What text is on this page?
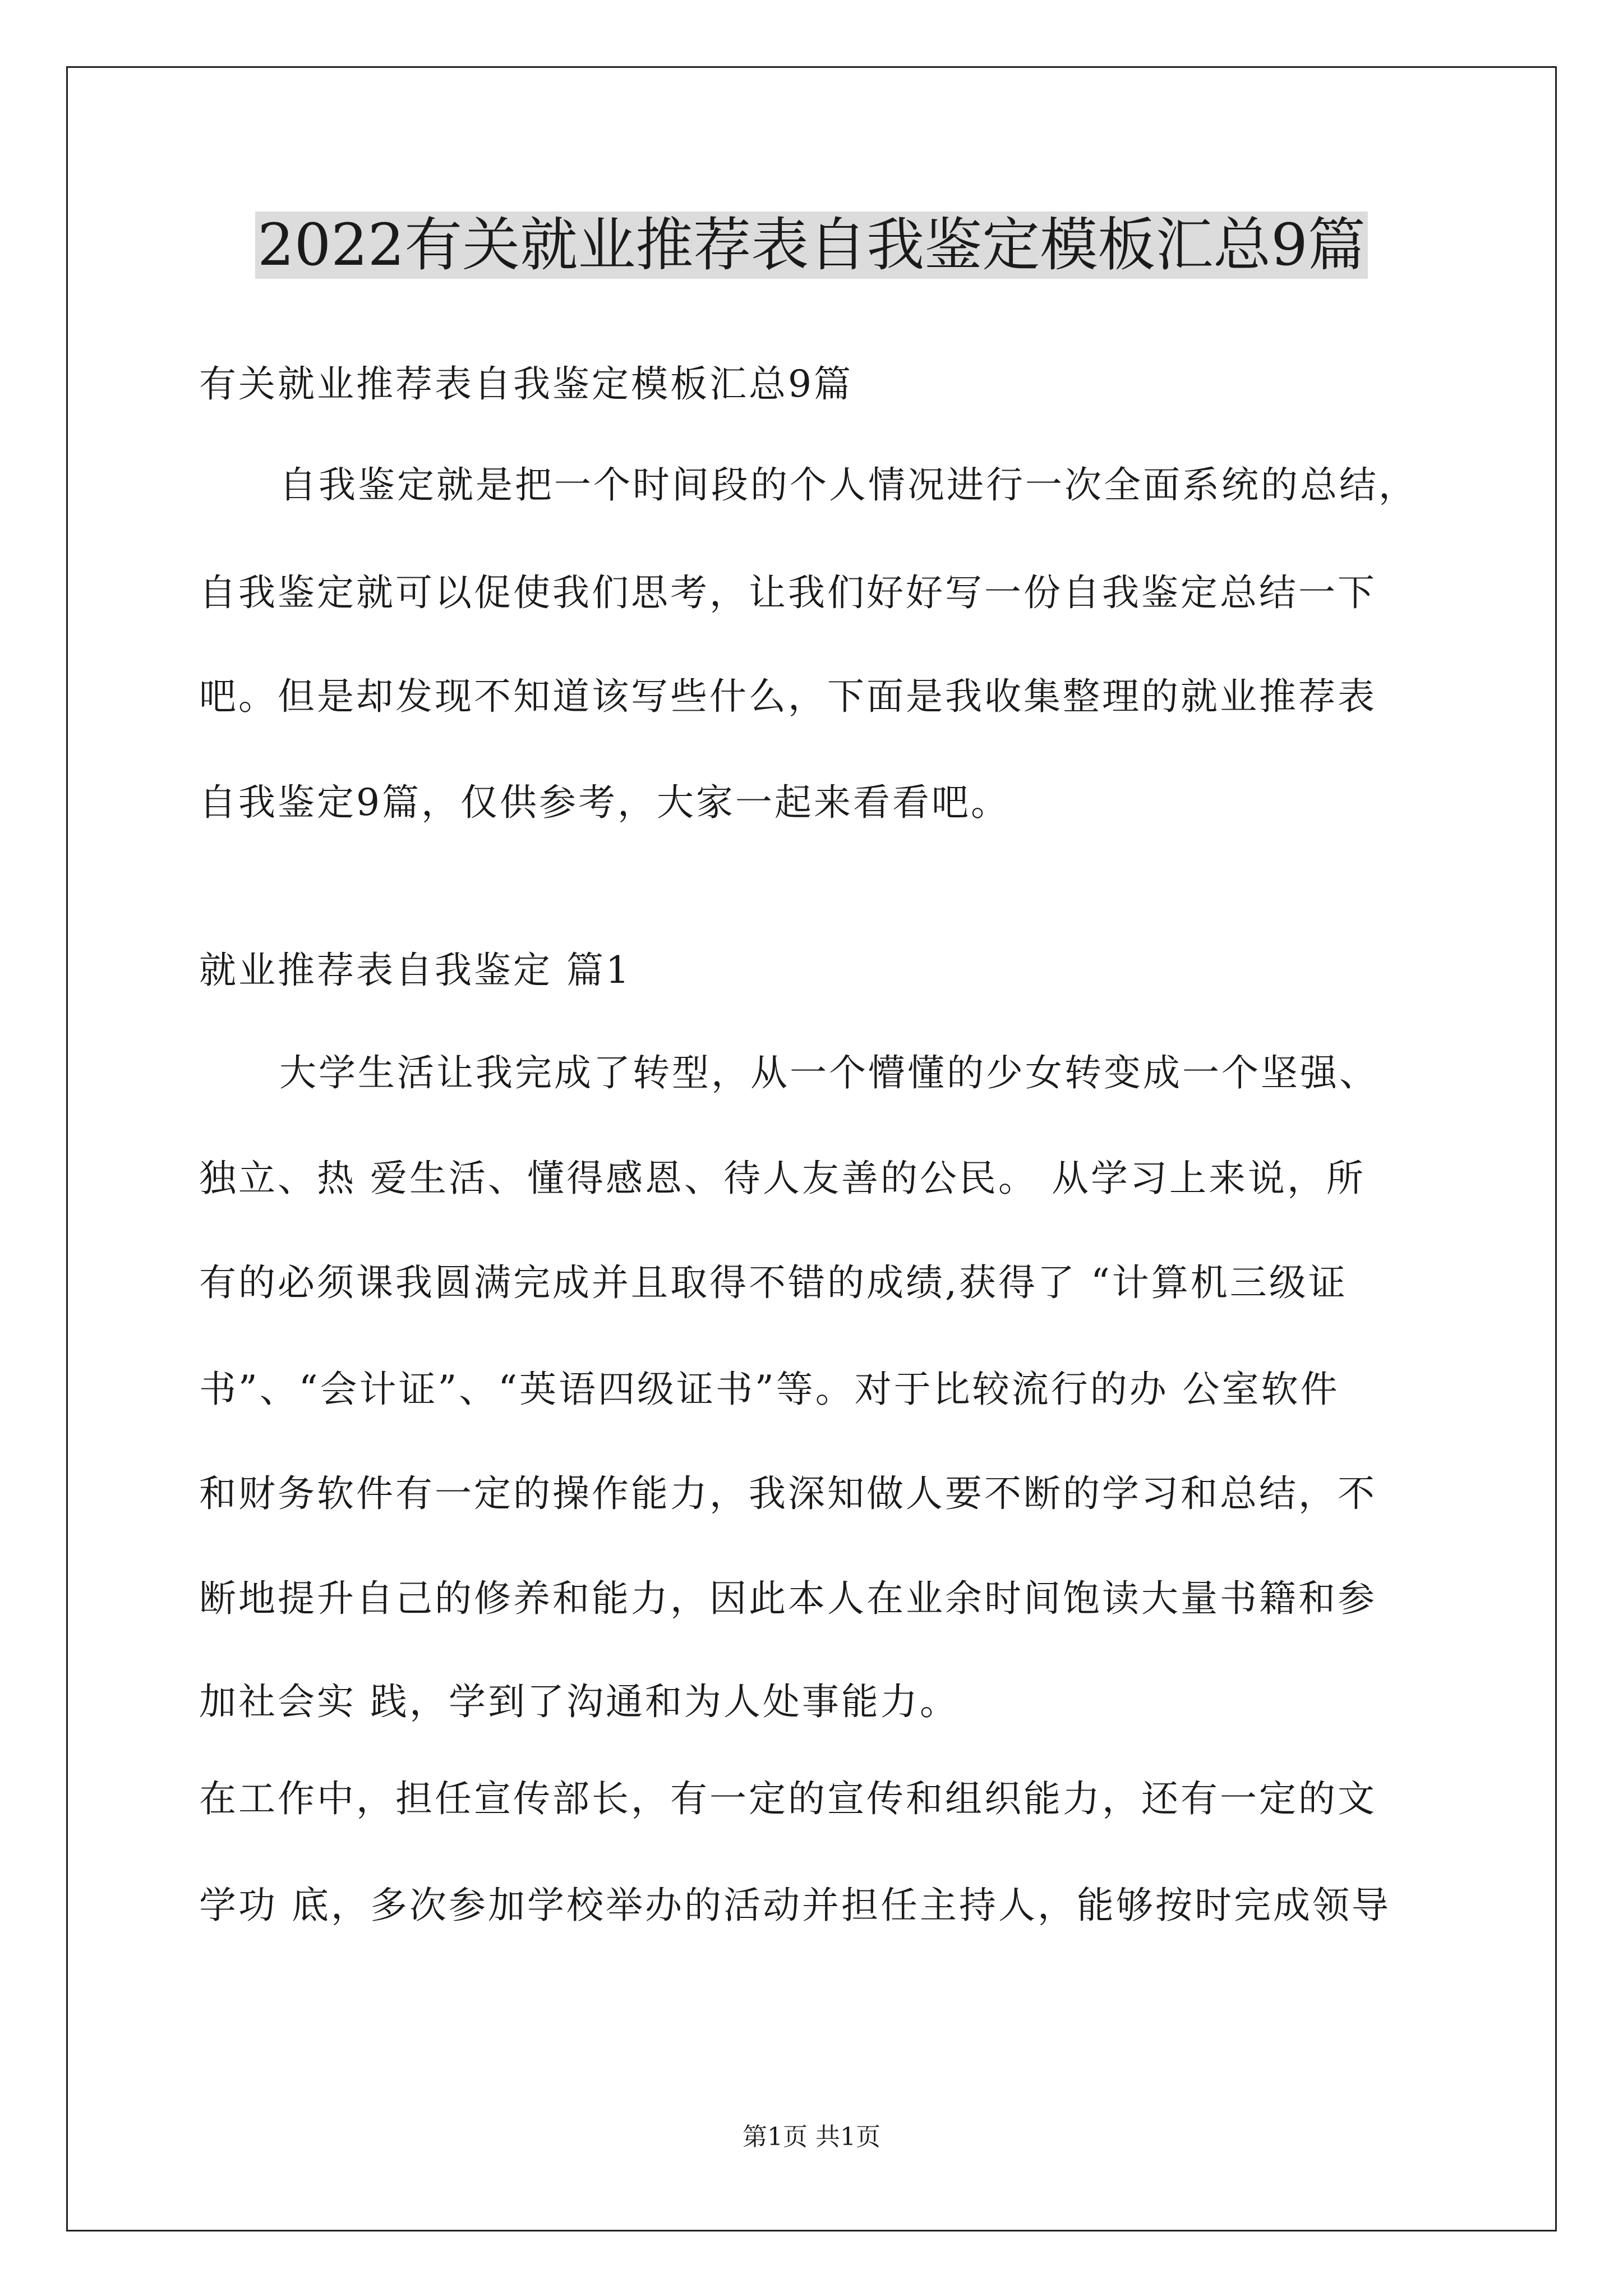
2022有关就业推荐表自我鉴定模板汇总9篇
有关就业推荐表自我鉴定模板汇总9篇
自我鉴定就是把一个时间段的个人情况进行一次全面系统的总结，
自我鉴定就可以促使我们思考，让我们好好写一份自我鉴定总结一下
吧。但是却发现不知道该写些什么，下面是我收集整理的就业推荐表
自我鉴定9篇，仅供参考，大家一起来看看吧。
就业推荐表自我鉴定 篇1
大学生活让我完成了转型，从一个懵懂的少女转变成一个坚强、
独立、热 爱生活、懂得感恩、待人友善的公民。 从学习上来说，所
有的必须课我圆满完成并且取得不错的成绩,获得了 “计算机三级证
书”、“会计证”、“英语四级证书”等。对于比较流行的办 公室软件
和财务软件有一定的操作能力，我深知做人要不断的学习和总结，不
断地提升自己的修养和能力，因此本人在业余时间饱读大量书籍和参
加社会实 践，学到了沟通和为人处事能力。
在工作中，担任宣传部长，有一定的宣传和组织能力，还有一定的文
学功 底，多次参加学校举办的活动并担任主持人，能够按时完成领导
第1页 共1页
